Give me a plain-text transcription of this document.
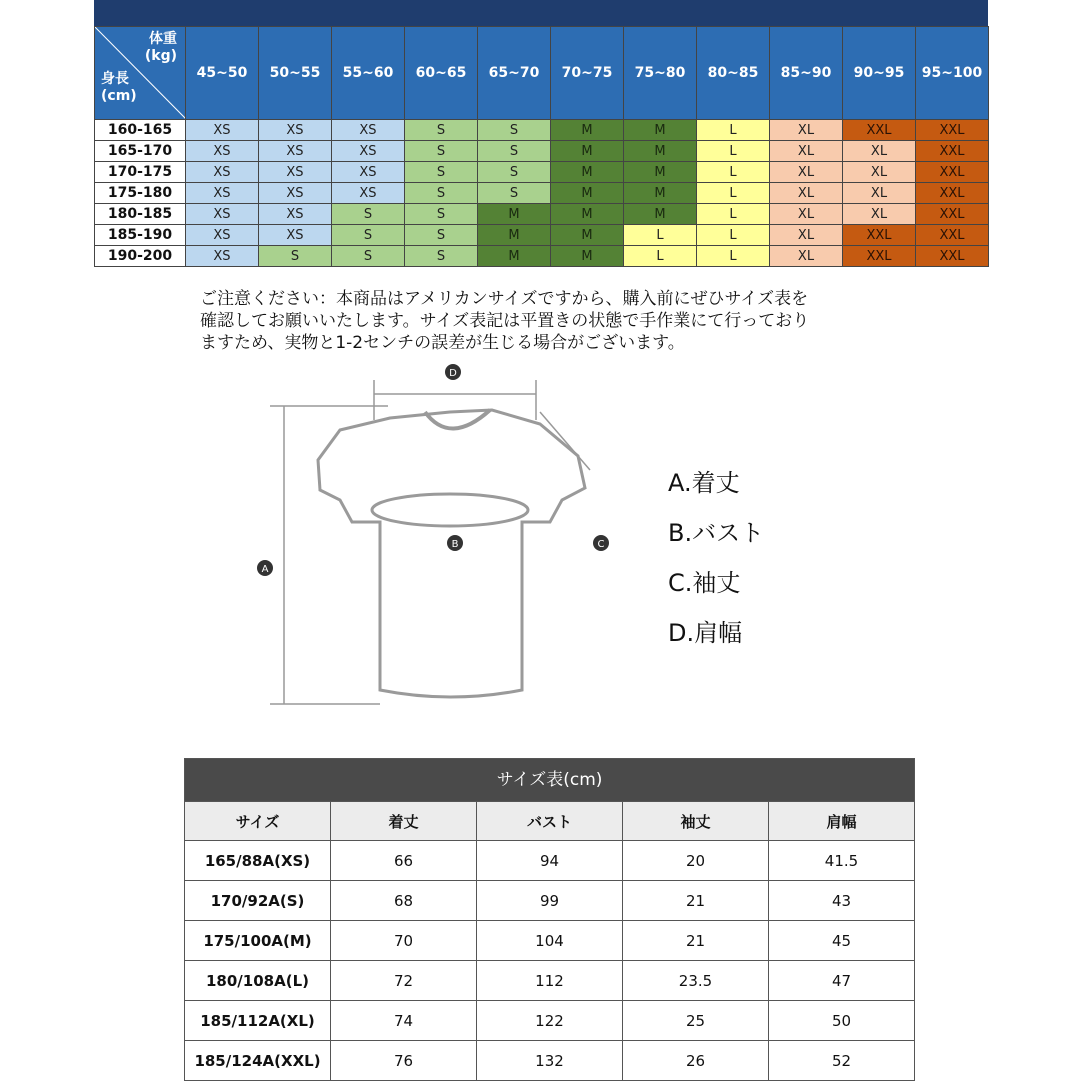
体重
(kg)
身長
(cm)	45~50	50~55	55~60	60~65	65~70	70~75	75~80	80~85	85~90	90~95	95~100
160-165	XS	XS	XS	S	S	M	M	L	XL	XXL	XXL
165-170	XS	XS	XS	S	S	M	M	L	XL	XL	XXL
170-175	XS	XS	XS	S	S	M	M	L	XL	XL	XXL
175-180	XS	XS	XS	S	S	M	M	L	XL	XL	XXL
180-185	XS	XS	S	S	M	M	M	L	XL	XL	XXL
185-190	XS	XS	S	S	M	M	L	L	XL	XXL	XXL
190-200	XS	S	S	S	M	M	L	L	XL	XXL	XXL
ご注意ください：本商品はアメリカンサイズですから、購入前にぜひサイズ表を
確認してお願いいたします。サイズ表記は平置きの状態で手作業にて行っており
ますため、実物と1-2センチの誤差が生じる場合がございます。
A
B	C
D
A.着丈
B.バスト
C.袖丈
D.肩幅
サイズ表(cm)
サイズ	着丈	バスト	袖丈	肩幅
165/88A(XS)	66	94	20	41.5
170/92A(S)	68	99	21	43
175/100A(M)	70	104	21	45
180/108A(L)	72	112	23.5	47
185/112A(XL)	74	122	25	50
185/124A(XXL)	76	132	26	52
